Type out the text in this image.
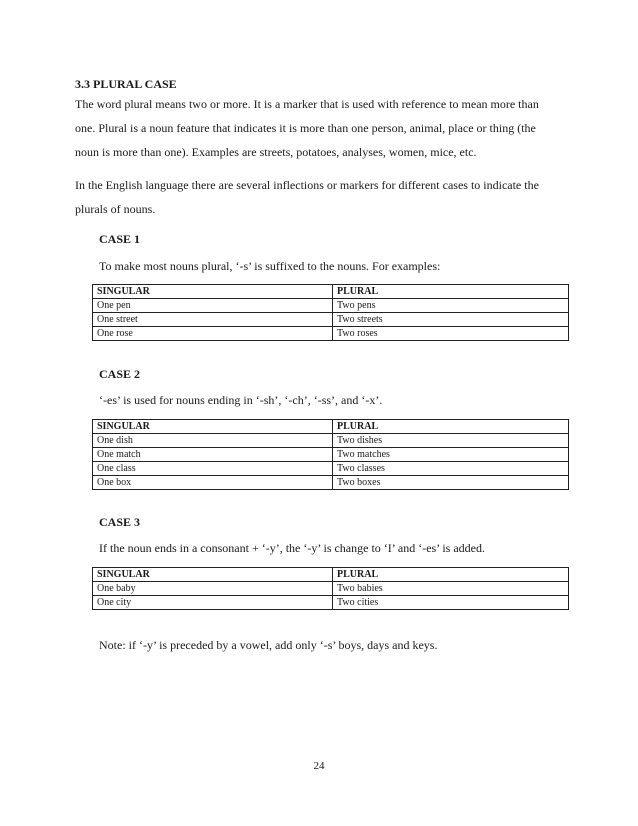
3.3 PLURAL CASE

The word plural means two or more. It is a marker that is used with reference to mean more than
one. Plural is a noun feature that indicates it is more than one person, animal, place or thing (the
noun is more than one). Examples are streets, potatoes, analyses, women, mice, etc.

In the English language there are several inflections or markers for different cases to indicate the
plurals of nouns.

CASE 1

To make most nouns plural, ‘-s’ is suffixed to the nouns. For examples:

SINGULAR	PLURAL
One pen	Two pens
One street	Two streets
One rose	Two roses

CASE 2

‘-es’ is used for nouns ending in ‘-sh’, ‘-ch’, ‘-ss’, and ‘-x’.

SINGULAR	PLURAL
One dish	Two dishes
One match	Two matches
One class	Two classes
One box	Two boxes

CASE 3

If the noun ends in a consonant + ‘-y’, the ‘-y’ is change to ‘I’ and ‘-es’ is added.

SINGULAR	PLURAL
One baby	Two babies
One city	Two cities

Note: if ‘-y’ is preceded by a vowel, add only ‘-s’ boys, days and keys.

24
